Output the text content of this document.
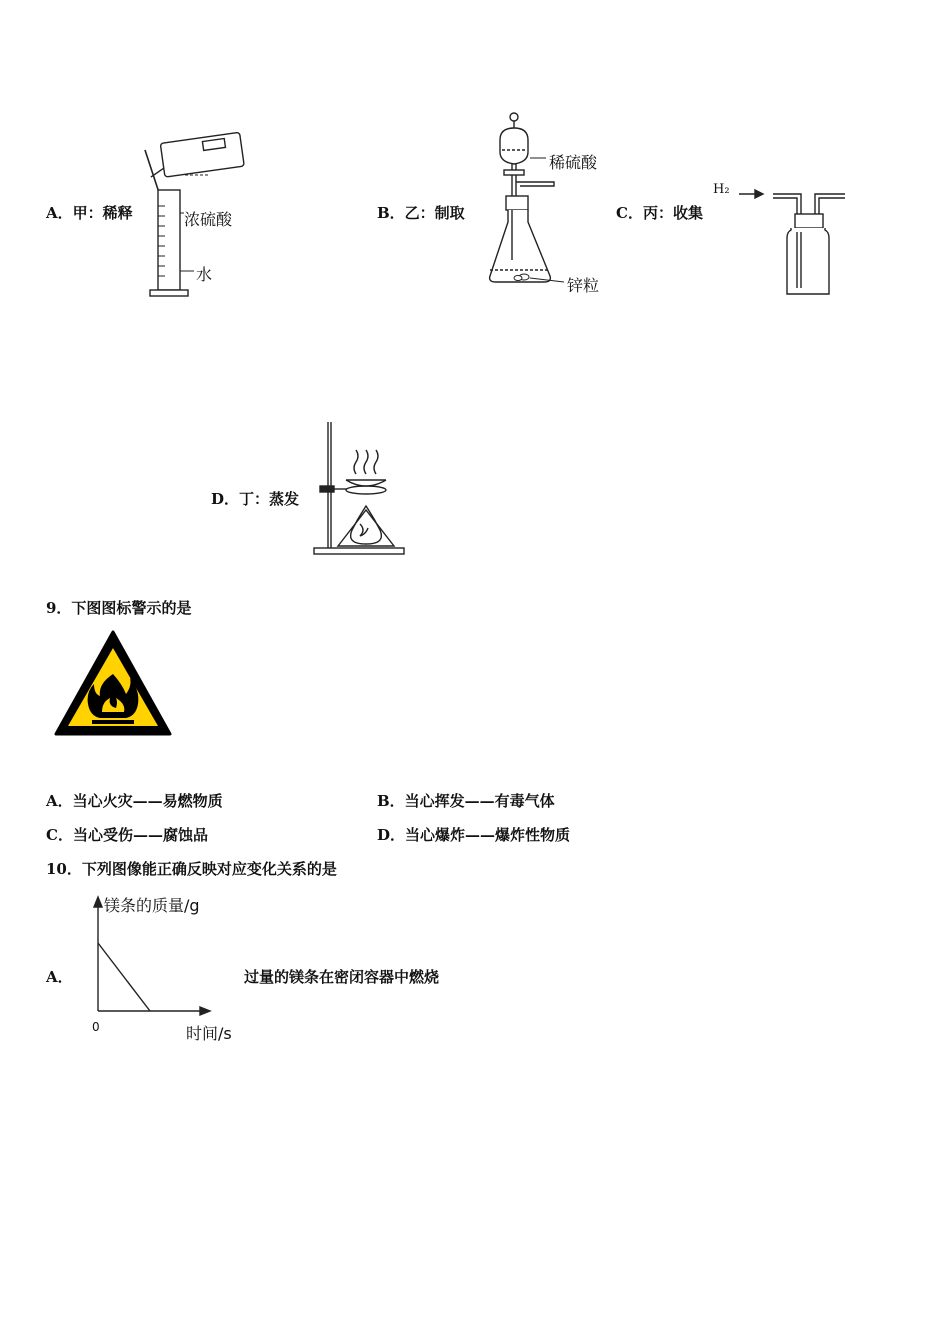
A．甲：稀释	B．乙：制取	C．丙：收集
D．丁：蒸发
浓硫酸
水
稀硫酸
锌粒
H₂
9．下图图标警示的是
A．当心火灾——易燃物质	B．当心挥发——有毒气体
C．当心受伤——腐蚀品	D．当心爆炸——爆炸性物质
10．下列图像能正确反映对应变化关系的是
A．	过量的镁条在密闭容器中燃烧
镁条的质量/g
时间/s
0
